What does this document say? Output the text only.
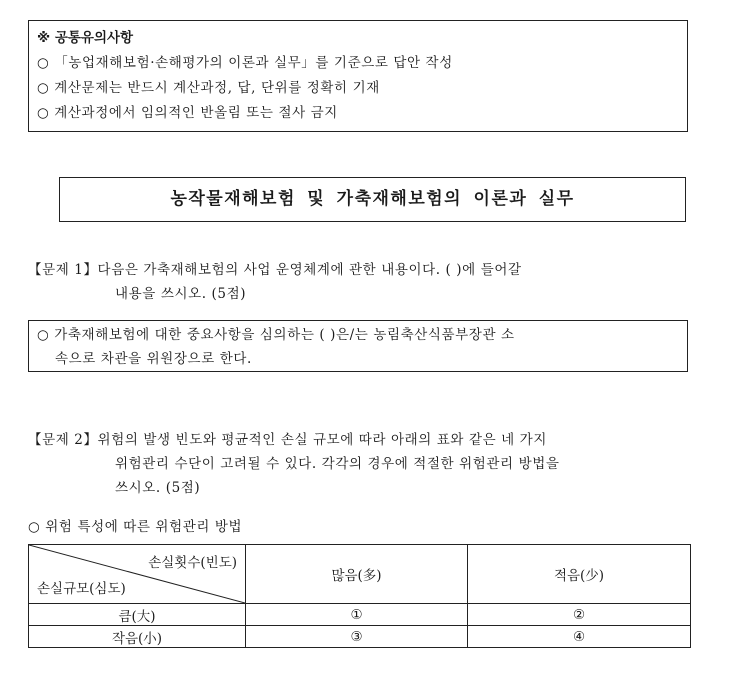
※ 공통유의사항
○ 「농업재해보험·손해평가의 이론과 실무」를 기준으로 답안 작성
○ 계산문제는 반드시 계산과정, 답, 단위를 정확히 기재
○ 계산과정에서 임의적인 반올림 또는 절사 금지
농작물재해보험 및 가축재해보험의 이론과 실무
【문제 1】다음은 가축재해보험의 사업 운영체계에 관한 내용이다. ( )에 들어갈
내용을 쓰시오. (5점)
○ 가축재해보험에 대한 중요사항을 심의하는 ( )은/는 농림축산식품부장관 소
속으로 차관을 위원장으로 한다.
【문제 2】위험의 발생 빈도와 평균적인 손실 규모에 따라 아래의 표와 같은 네 가지
위험관리 수단이 고려될 수 있다. 각각의 경우에 적절한 위험관리 방법을
쓰시오. (5점)
○ 위험 특성에 따른 위험관리 방법
손실횟수(빈도)
손실규모(심도)	많음(多)	적음(少)
큼(大)	①	②
작음(小)	③	④
